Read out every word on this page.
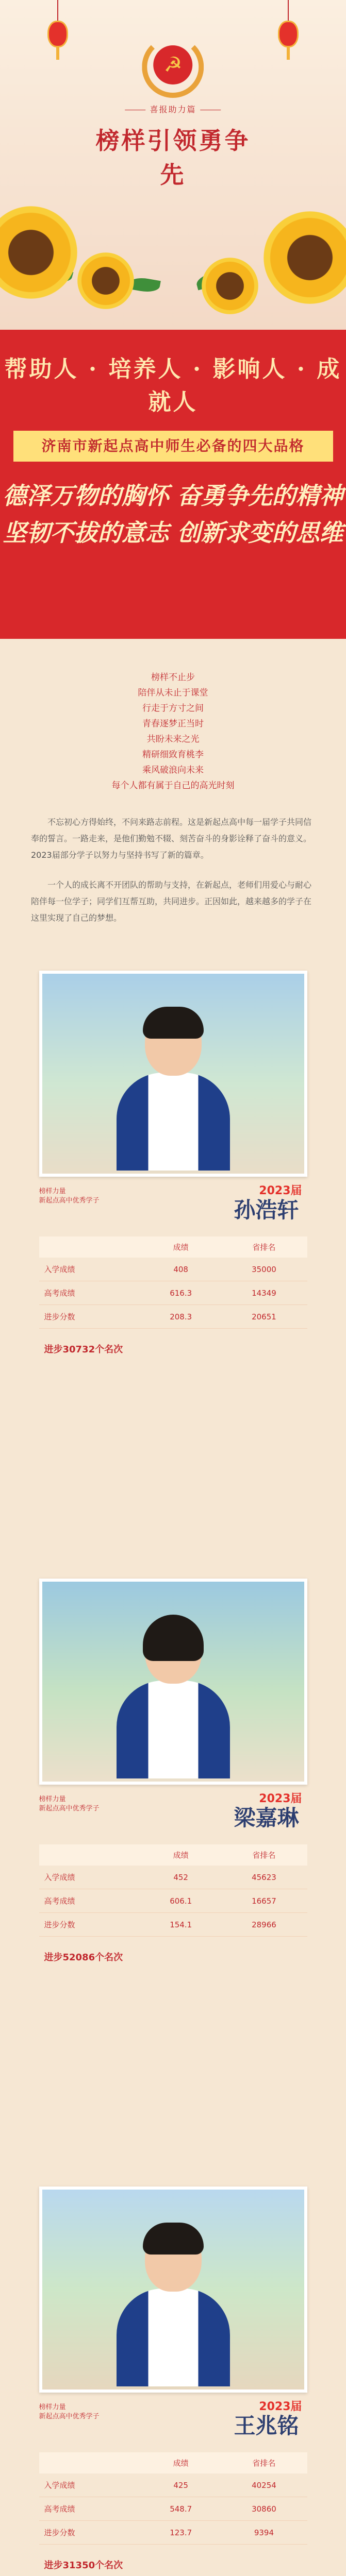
☭
喜报助力篇
榜样引领勇争先
帮助人 · 培养人 · 影响人 · 成就人
济南市新起点高中师生必备的四大品格
德泽万物的胸怀 奋勇争先的精神
坚韧不拔的意志 创新求变的思维
榜样不止步
陪伴从未止于课堂
行走于方寸之间
青春逐梦正当时
共盼未来之光
精研细致育桃李
乘风破浪向未来
每个人都有属于自己的高光时刻

不忘初心方得始终，不问来路志前程。这是新起点高中每一届学子共同信奉的誓言。一路走来，是他们勤勉不辍、刻苦奋斗的身影诠释了奋斗的意义。2023届部分学子以努力与坚持书写了新的篇章。

一个人的成长离不开团队的帮助与支持，在新起点，老师们用爱心与耐心陪伴每一位学子；同学们互帮互助，共同进步。正因如此，越来越多的学子在这里实现了自己的梦想。

2023届
榜样力量
新起点高中优秀学子	孙浩轩
	成绩	省排名
入学成绩	408	35000
高考成绩	616.3	14349
进步分数	208.3	20651
进步30732个名次
2023届
榜样力量
新起点高中优秀学子	梁嘉琳
	成绩	省排名
入学成绩	452	45623
高考成绩	606.1	16657
进步分数	154.1	28966
进步52086个名次
2023届
榜样力量
新起点高中优秀学子	王兆铭
	成绩	省排名
入学成绩	425	40254
高考成绩	548.7	30860
进步分数	123.7	9394
进步31350个名次
